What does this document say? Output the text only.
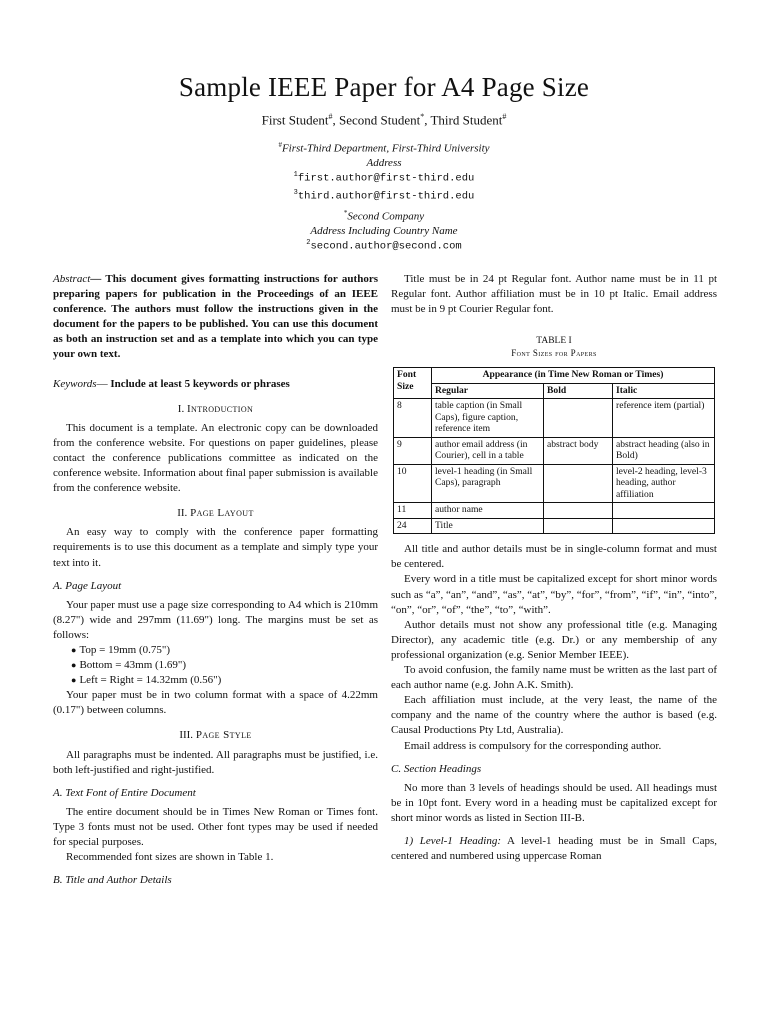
Sample IEEE Paper for A4 Page Size
First Student#, Second Student*, Third Student#
#First-Third Department, First-Third University
Address
$^1$first.author@first-third.edu
$^3$third.author@first-third.edu
*Second Company
Address Including Country Name
$^2$second.author@second.com

Abstract— This document gives formatting instructions for authors preparing papers for publication in the Proceedings of an IEEE conference. The authors must follow the instructions given in the document for the papers to be published. You can use this document as both an instruction set and as a template into which you can type your own text.

Keywords— Include at least 5 keywords or phrases

I. Introduction

This document is a template. An electronic copy can be downloaded from the conference website. For questions on paper guidelines, please contact the conference publications committee as indicated on the conference website. Information about final paper submission is available from the conference website.

II. Page Layout

An easy way to comply with the conference paper formatting requirements is to use this document as a template and simply type your text into it.

A. Page Layout

Your paper must use a page size corresponding to A4 which is 210mm (8.27") wide and 297mm (11.69") long. The margins must be set as follows:

● Top = 19mm (0.75")

● Bottom = 43mm (1.69")

● Left = Right = 14.32mm (0.56")

Your paper must be in two column format with a space of 4.22mm (0.17") between columns.

III. Page Style

All paragraphs must be indented. All paragraphs must be justified, i.e. both left-justified and right-justified.

A. Text Font of Entire Document

The entire document should be in Times New Roman or Times font. Type 3 fonts must not be used. Other font types may be used if needed for special purposes.

Recommended font sizes are shown in Table 1.

B. Title and Author Details

Title must be in 24 pt Regular font. Author name must be in 11 pt Regular font. Author affiliation must be in 10 pt Italic. Email address must be in 9 pt Courier Regular font.

TABLE I
Font Sizes for Papers
Font Size	Appearance (in Time New Roman or Times)		
	Regular	Bold	Italic
8	table caption (in Small Caps), figure caption, reference item		reference item (partial)
9	author email address (in Courier), cell in a table	abstract body	abstract heading (also in Bold)
10	level-1 heading (in Small Caps), paragraph		level-2 heading, level-3 heading, author affiliation
11	author name		
24	Title		

All title and author details must be in single-column format and must be centered.

Every word in a title must be capitalized except for short minor words such as “a”, “an”, “and”, “as”, “at”, “by”, “for”, “from”, “if”, “in”, “into”, “on”, “or”, “of”, “the”, “to”, “with”.

Author details must not show any professional title (e.g. Managing Director), any academic title (e.g. Dr.) or any membership of any professional organization (e.g. Senior Member IEEE).

To avoid confusion, the family name must be written as the last part of each author name (e.g. John A.K. Smith).

Each affiliation must include, at the very least, the name of the company and the name of the country where the author is based (e.g. Causal Productions Pty Ltd, Australia).

Email address is compulsory for the corresponding author.

C. Section Headings

No more than 3 levels of headings should be used. All headings must be in 10pt font. Every word in a heading must be capitalized except for short minor words as listed in Section III-B.

1) Level-1 Heading: A level-1 heading must be in Small Caps, centered and numbered using uppercase Roman
